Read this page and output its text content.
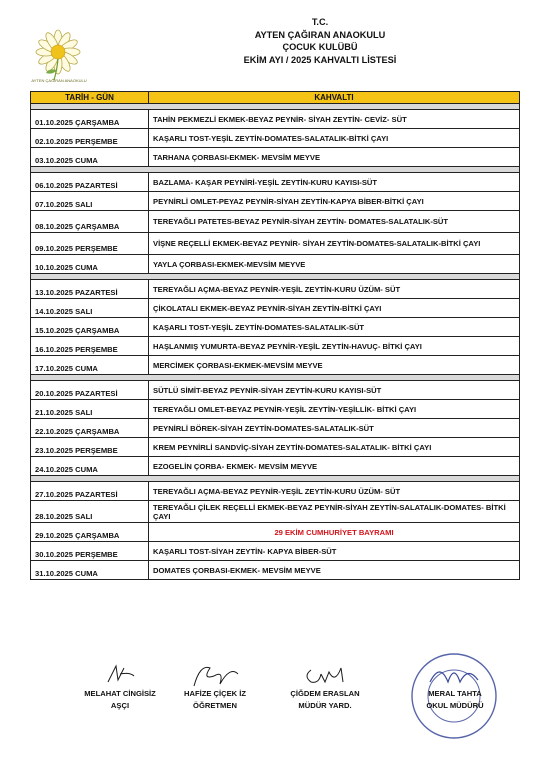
AYTEN ÇAĞIRAN ANAOKULU
T.C.
AYTEN ÇAĞIRAN ANAOKULU
ÇOCUK KULÜBÜ
EKİM AYI / 2025 KAHVALTI LİSTESİ
TARİH - GÜN	KAHVALTI

01.10.2025 ÇARŞAMBA	TAHİN PEKMEZLİ EKMEK-BEYAZ PEYNİR- SİYAH ZEYTİN- CEVİZ- SÜT
02.10.2025 PERŞEMBE	KAŞARLI TOST-YEŞİL ZEYTİN-DOMATES-SALATALIK-BİTKİ ÇAYI
03.10.2025 CUMA	TARHANA ÇORBASI-EKMEK- MEVSİM MEYVE

06.10.2025 PAZARTESİ	BAZLAMA- KAŞAR PEYNİRİ-YEŞİL ZEYTİN-KURU KAYISI-SÜT
07.10.2025 SALI	PEYNİRLİ OMLET-PEYAZ PEYNİR-SİYAH ZEYTİN-KAPYA BİBER-BİTKİ ÇAYI
08.10.2025 ÇARŞAMBA	TEREYAĞLI PATETES-BEYAZ PEYNİR-SİYAH ZEYTİN- DOMATES-SALATALIK-SÜT
09.10.2025 PERŞEMBE	VİŞNE REÇELLİ EKMEK-BEYAZ PEYNİR- SİYAH ZEYTİN-DOMATES-SALATALIK-BİTKİ ÇAYI
10.10.2025 CUMA	YAYLA ÇORBASI-EKMEK-MEVSİM MEYVE

13.10.2025 PAZARTESİ	TEREYAĞLI AÇMA-BEYAZ PEYNİR-YEŞİL ZEYTİN-KURU ÜZÜM- SÜT
14.10.2025 SALI	ÇİKOLATALI EKMEK-BEYAZ PEYNİR-SİYAH ZEYTİN-BİTKİ ÇAYI
15.10.2025 ÇARŞAMBA	KAŞARLI TOST-YEŞİL ZEYTİN-DOMATES-SALATALIK-SÜT
16.10.2025 PERŞEMBE	HAŞLANMIŞ YUMURTA-BEYAZ PEYNİR-YEŞİL ZEYTİN-HAVUÇ- BİTKİ ÇAYI
17.10.2025 CUMA	MERCİMEK ÇORBASI-EKMEK-MEVSİM MEYVE

20.10.2025 PAZARTESİ	SÜTLÜ SİMİT-BEYAZ PEYNİR-SİYAH ZEYTİN-KURU KAYISI-SÜT
21.10.2025 SALI	TEREYAĞLI OMLET-BEYAZ PEYNİR-YEŞİL ZEYTİN-YEŞİLLİK- BİTKİ ÇAYI
22.10.2025 ÇARŞAMBA	PEYNİRLİ BÖREK-SİYAH ZEYTİN-DOMATES-SALATALIK-SÜT
23.10.2025 PERŞEMBE	KREM PEYNİRLİ SANDVİÇ-SİYAH ZEYTİN-DOMATES-SALATALIK- BİTKİ ÇAYI
24.10.2025 CUMA	EZOGELİN ÇORBA- EKMEK- MEVSİM MEYVE

27.10.2025 PAZARTESİ	TEREYAĞLI AÇMA-BEYAZ PEYNİR-YEŞİL ZEYTİN-KURU ÜZÜM- SÜT
28.10.2025 SALI	TEREYAĞLI ÇİLEK REÇELLİ EKMEK-BEYAZ PEYNİR-SİYAH ZEYTİN-SALATALIK-DOMATES- BİTKİ ÇAYI
29.10.2025 ÇARŞAMBA	29 EKİM CUMHURİYET BAYRAMI
30.10.2025 PERŞEMBE	KAŞARLI TOST-SİYAH ZEYTİN- KAPYA BİBER-SÜT
31.10.2025 CUMA	DOMATES ÇORBASI-EKMEK- MEVSİM MEYVE
MELAHAT CİNGİSİZ
AŞÇI
HAFİZE ÇİÇEK İZ
ÖĞRETMEN
ÇİĞDEM ERASLAN
MÜDÜR YARD.
MERAL TAHTA
OKUL MÜDÜRÜ
